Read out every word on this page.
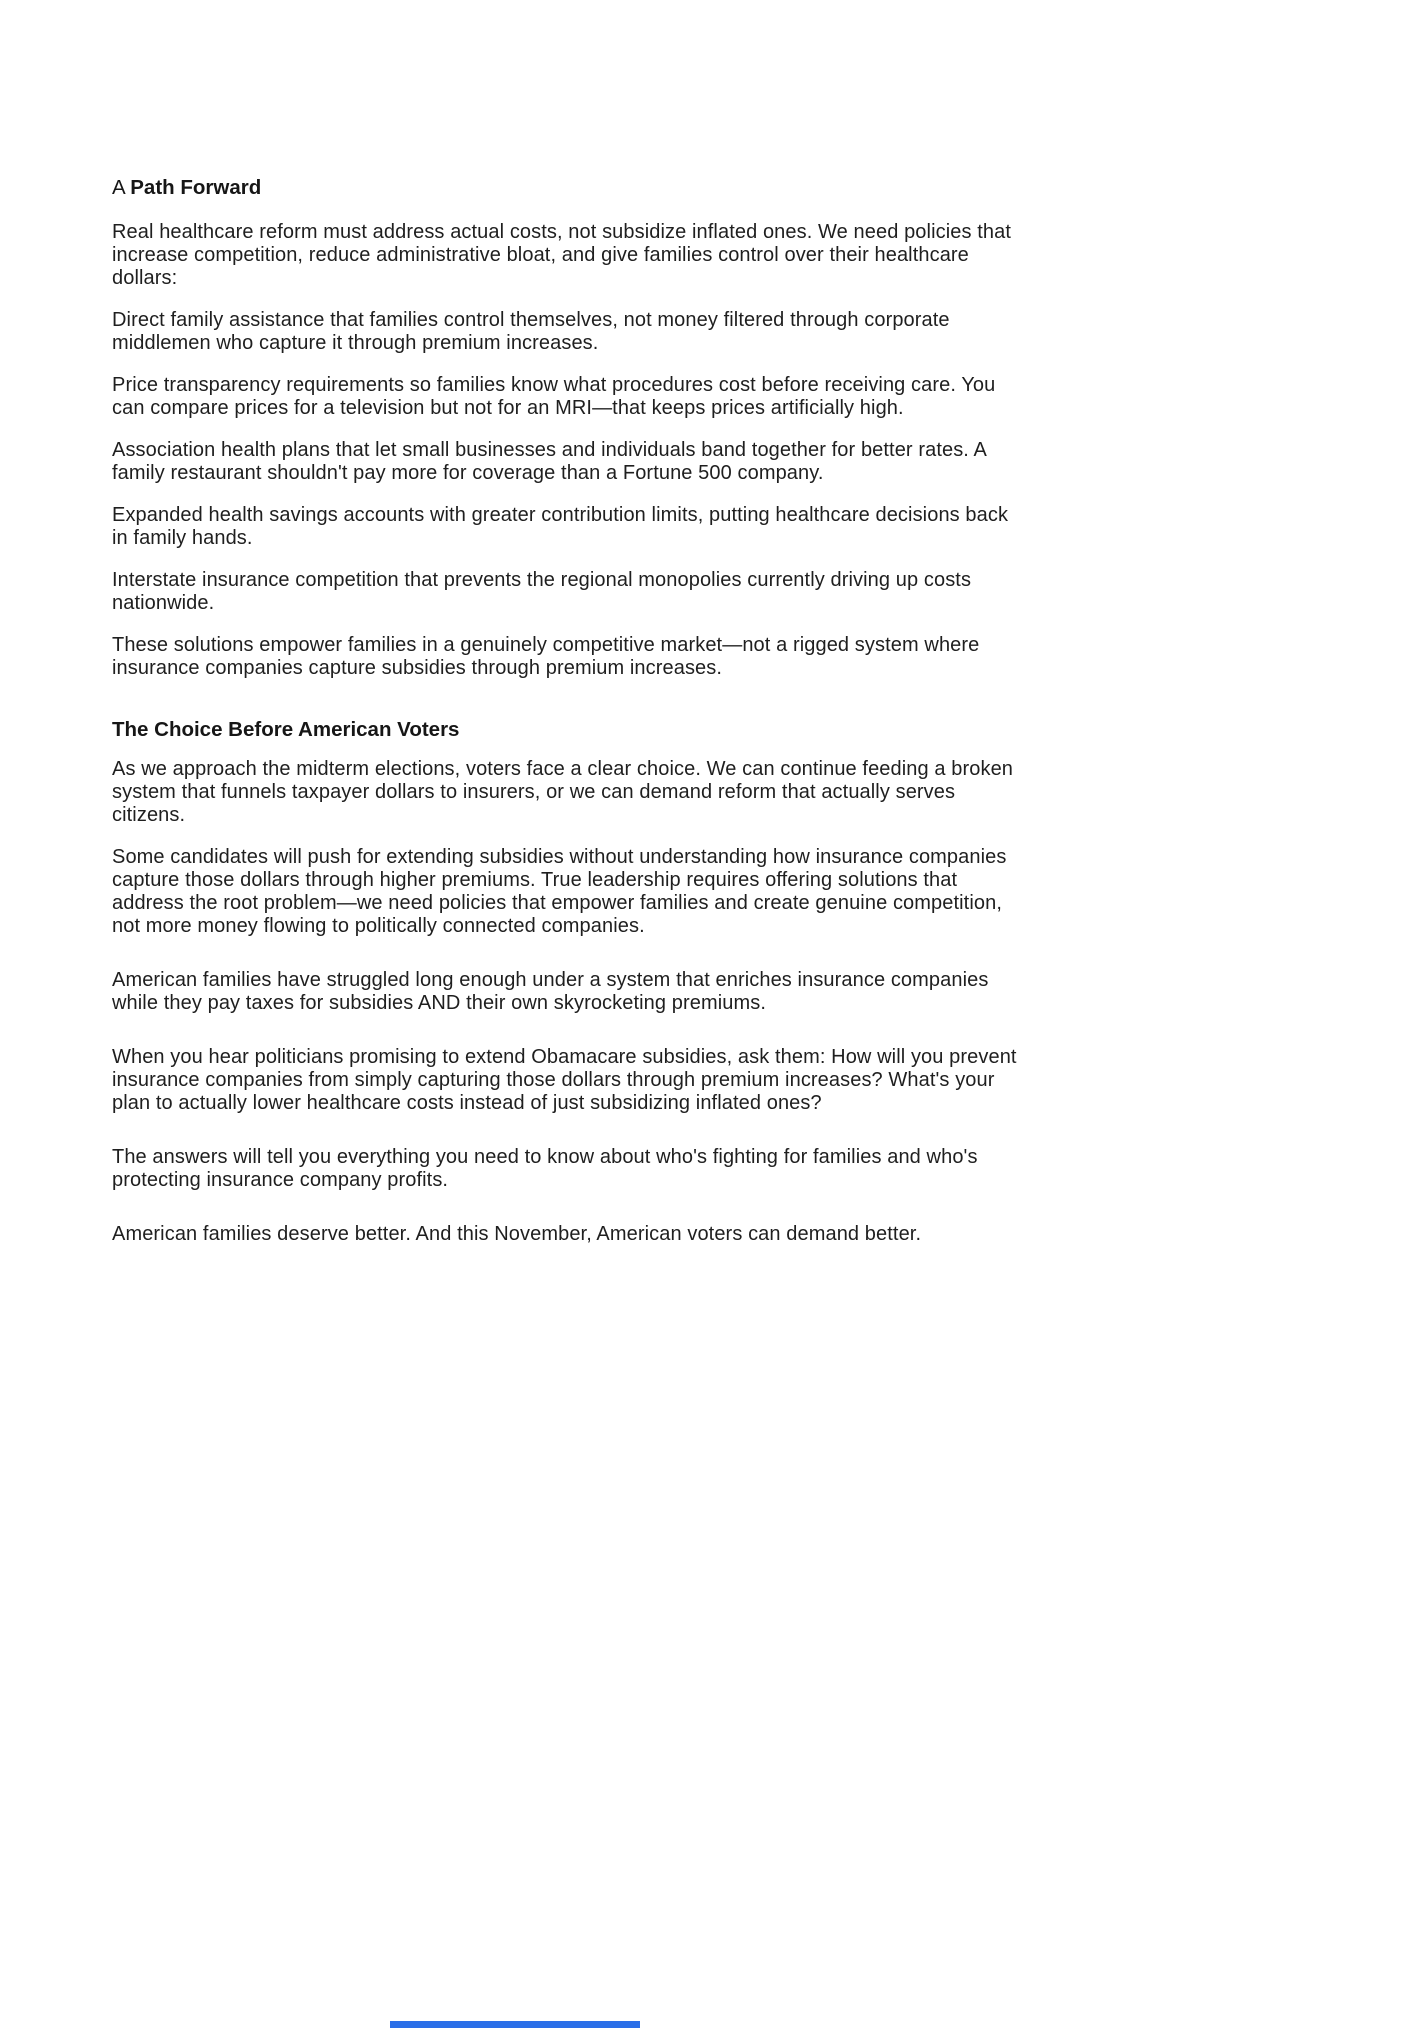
A Path Forward

Real healthcare reform must address actual costs, not subsidize inflated ones. We need policies that increase competition, reduce administrative bloat, and give families control over their healthcare dollars:

Direct family assistance that families control themselves, not money filtered through corporate middlemen who capture it through premium increases.

Price transparency requirements so families know what procedures cost before receiving care. You can compare prices for a television but not for an MRI—that keeps prices artificially high.

Association health plans that let small businesses and individuals band together for better rates. A family restaurant shouldn't pay more for coverage than a Fortune 500 company.

Expanded health savings accounts with greater contribution limits, putting healthcare decisions back in family hands.

Interstate insurance competition that prevents the regional monopolies currently driving up costs nationwide.

These solutions empower families in a genuinely competitive market—not a rigged system where insurance companies capture subsidies through premium increases.

The Choice Before American Voters

As we approach the midterm elections, voters face a clear choice. We can continue feeding a broken system that funnels taxpayer dollars to insurers, or we can demand reform that actually serves citizens.

Some candidates will push for extending subsidies without understanding how insurance companies capture those dollars through higher premiums. True leadership requires offering solutions that address the root problem—we need policies that empower families and create genuine competition, not more money flowing to politically connected companies.

American families have struggled long enough under a system that enriches insurance companies while they pay taxes for subsidies AND their own skyrocketing premiums.

When you hear politicians promising to extend Obamacare subsidies, ask them: How will you prevent insurance companies from simply capturing those dollars through premium increases? What's your plan to actually lower healthcare costs instead of just subsidizing inflated ones?

The answers will tell you everything you need to know about who's fighting for families and who's protecting insurance company profits.

American families deserve better. And this November, American voters can demand better.
